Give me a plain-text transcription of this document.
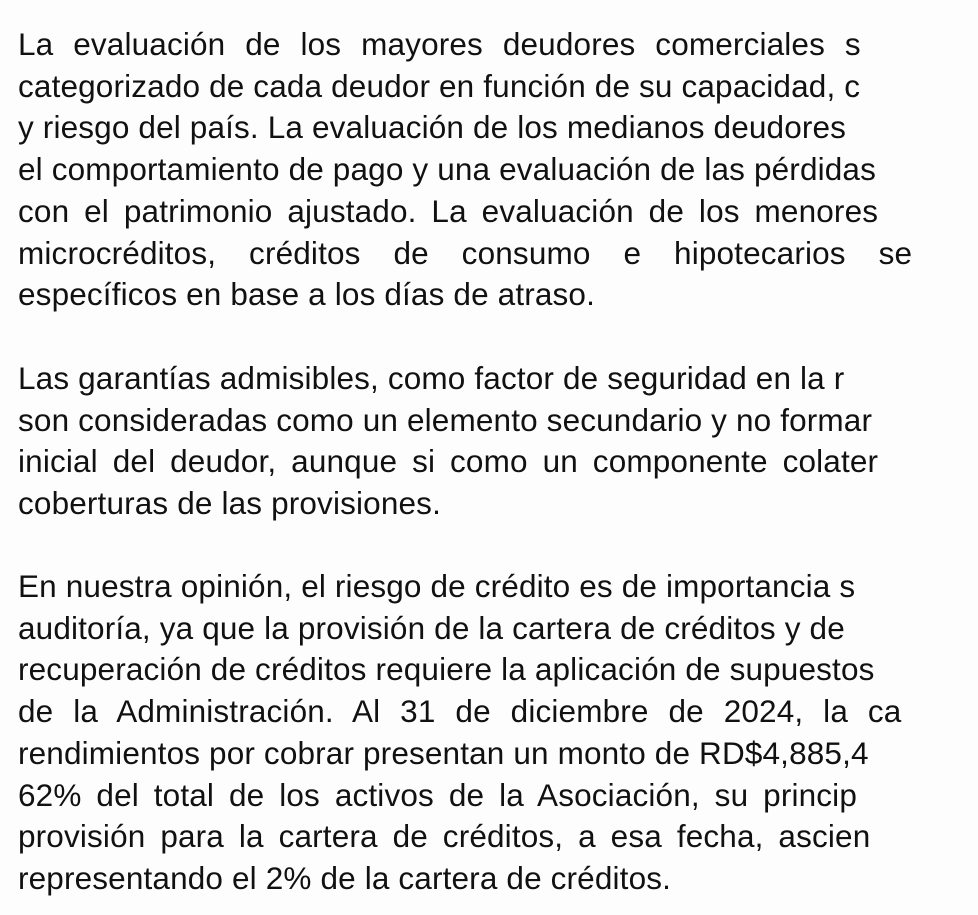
La evaluación de los mayores deudores comerciales s
categorizado de cada deudor en función de su capacidad, c
y riesgo del país. La evaluación de los medianos deudores
el comportamiento de pago y una evaluación de las pérdidas
con el patrimonio ajustado. La evaluación de los menores
microcréditos, créditos de consumo e hipotecarios se
específicos en base a los días de atraso.
Las garantías admisibles, como factor de seguridad en la r
son consideradas como un elemento secundario y no formar
inicial del deudor, aunque si como un componente colater
coberturas de las provisiones.
En nuestra opinión, el riesgo de crédito es de importancia s
auditoría, ya que la provisión de la cartera de créditos y de
recuperación de créditos requiere la aplicación de supuestos
de la Administración. Al 31 de diciembre de 2024, la ca
rendimientos por cobrar presentan un monto de RD$4,885,4
62% del total de los activos de la Asociación, su princip
provisión para la cartera de créditos, a esa fecha, ascien
representando el 2% de la cartera de créditos.
